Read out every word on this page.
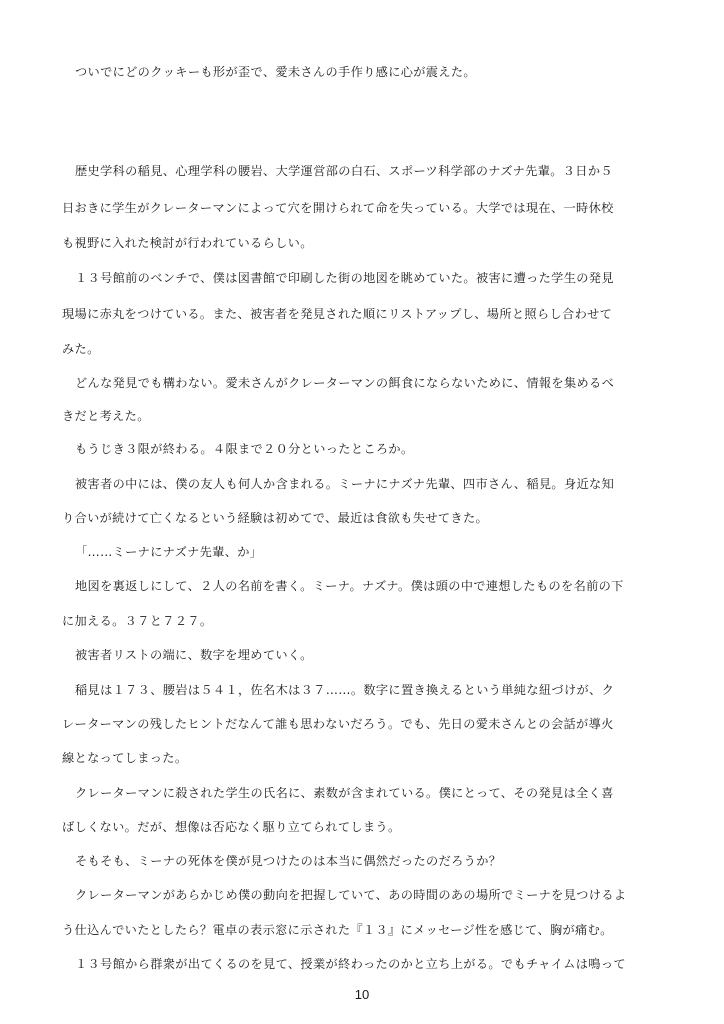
ついでにどのクッキーも形が歪で、愛未さんの手作り感に心が震えた。

歴史学科の稲見、心理学科の腰岩、大学運営部の白石、スポーツ科学部のナズナ先輩。３日か５

日おきに学生がクレーターマンによって穴を開けられて命を失っている。大学では現在、一時休校

も視野に入れた検討が行われているらしい。

１３号館前のベンチで、僕は図書館で印刷した街の地図を眺めていた。被害に遭った学生の発見

現場に赤丸をつけている。また、被害者を発見された順にリストアップし、場所と照らし合わせて

みた。

どんな発見でも構わない。愛未さんがクレーターマンの餌食にならないために、情報を集めるべ

きだと考えた。

もうじき３限が終わる。４限まで２０分といったところか。

被害者の中には、僕の友人も何人か含まれる。ミーナにナズナ先輩、四市さん、稲見。身近な知

り合いが続けて亡くなるという経験は初めてで、最近は食欲も失せてきた。

「……ミーナにナズナ先輩、か」

地図を裏返しにして、２人の名前を書く。ミーナ。ナズナ。僕は頭の中で連想したものを名前の下

に加える。３７と７２７。

被害者リストの端に、数字を埋めていく。

稲見は１７３、腰岩は５４１，佐名木は３７……。数字に置き換えるという単純な紐づけが、ク

レーターマンの残したヒントだなんて誰も思わないだろう。でも、先日の愛未さんとの会話が導火

線となってしまった。

クレーターマンに殺された学生の氏名に、素数が含まれている。僕にとって、その発見は全く喜

ばしくない。だが、想像は否応なく駆り立てられてしまう。

そもそも、ミーナの死体を僕が見つけたのは本当に偶然だったのだろうか？

クレーターマンがあらかじめ僕の動向を把握していて、あの時間のあの場所でミーナを見つけるよ

う仕込んでいたとしたら？電卓の表示窓に示された『１３』にメッセージ性を感じて、胸が痛む。

１３号館から群衆が出てくるのを見て、授業が終わったのかと立ち上がる。でもチャイムは鳴って

10
